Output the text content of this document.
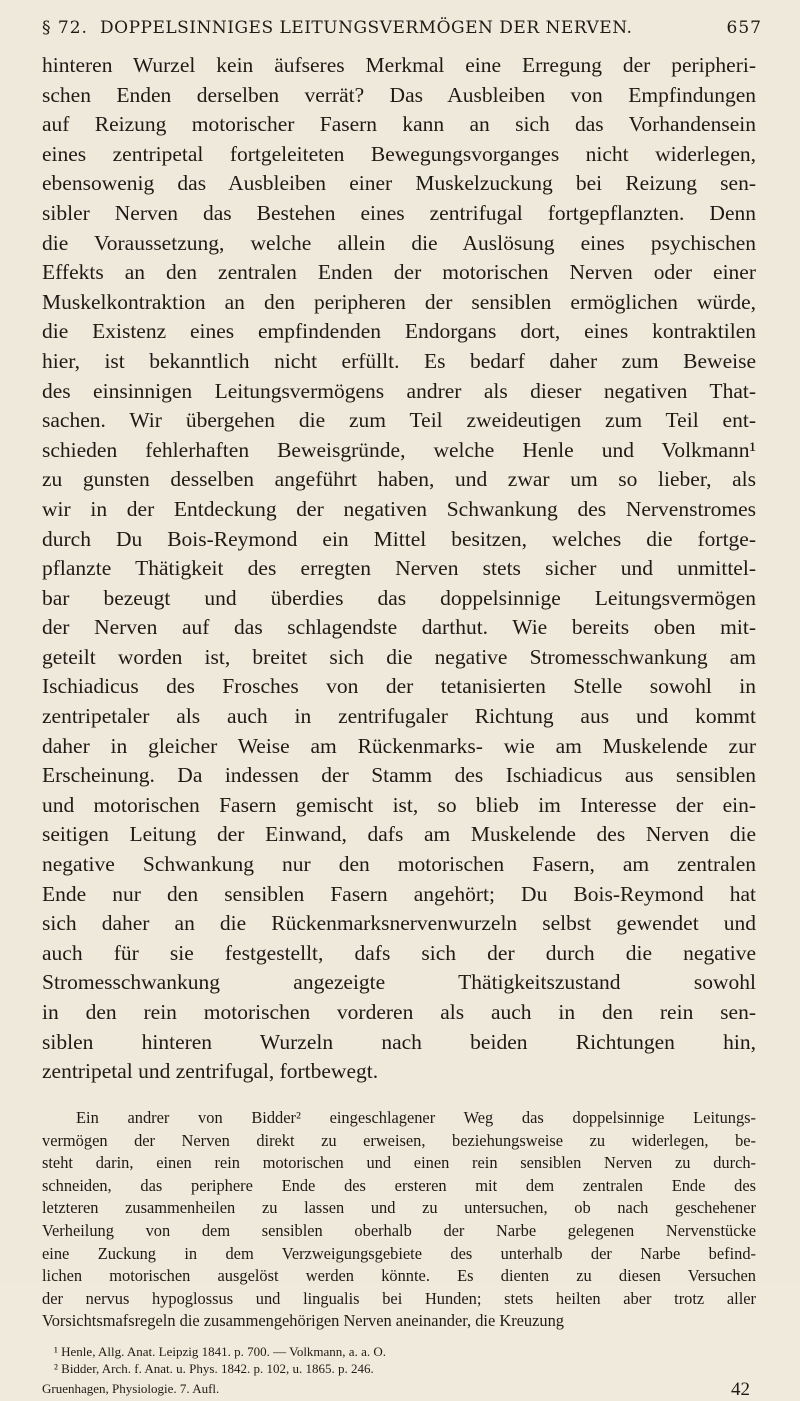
§ 72. DOPPELSINNIGES LEITUNGSVERMÖGEN DER NERVEN.	657
hinteren Wurzel kein äufseres Merkmal eine Erregung der peripheri-
schen Enden derselben verrät? Das Ausbleiben von Empfindungen
auf Reizung motorischer Fasern kann an sich das Vorhandensein
eines zentripetal fortgeleiteten Bewegungsvorganges nicht widerlegen,
ebensowenig das Ausbleiben einer Muskelzuckung bei Reizung sen-
sibler Nerven das Bestehen eines zentrifugal fortgepflanzten. Denn
die Voraussetzung, welche allein die Auslösung eines psychischen
Effekts an den zentralen Enden der motorischen Nerven oder einer
Muskelkontraktion an den peripheren der sensiblen ermöglichen würde,
die Existenz eines empfindenden Endorgans dort, eines kontraktilen
hier, ist bekanntlich nicht erfüllt. Es bedarf daher zum Beweise
des einsinnigen Leitungsvermögens andrer als dieser negativen That-
sachen. Wir übergehen die zum Teil zweideutigen zum Teil ent-
schieden fehlerhaften Beweisgründe, welche Henle und Volkmann¹
zu gunsten desselben angeführt haben, und zwar um so lieber, als
wir in der Entdeckung der negativen Schwankung des Nervenstromes
durch Du Bois-Reymond ein Mittel besitzen, welches die fortge-
pflanzte Thätigkeit des erregten Nerven stets sicher und unmittel-
bar bezeugt und überdies das doppelsinnige Leitungsvermögen
der Nerven auf das schlagendste darthut. Wie bereits oben mit-
geteilt worden ist, breitet sich die negative Stromesschwankung am
Ischiadicus des Frosches von der tetanisierten Stelle sowohl in
zentripetaler als auch in zentrifugaler Richtung aus und kommt
daher in gleicher Weise am Rückenmarks- wie am Muskelende zur
Erscheinung. Da indessen der Stamm des Ischiadicus aus sensiblen
und motorischen Fasern gemischt ist, so blieb im Interesse der ein-
seitigen Leitung der Einwand, dafs am Muskelende des Nerven die
negative Schwankung nur den motorischen Fasern, am zentralen
Ende nur den sensiblen Fasern angehört; Du Bois-Reymond hat
sich daher an die Rückenmarksnervenwurzeln selbst gewendet und
auch für sie festgestellt, dafs sich der durch die negative
Stromesschwankung angezeigte Thätigkeitszustand sowohl
in den rein motorischen vorderen als auch in den rein sen-
siblen hinteren Wurzeln nach beiden Richtungen hin,
zentripetal und zentrifugal, fortbewegt.
Ein andrer von Bidder² eingeschlagener Weg das doppelsinnige Leitungs-
vermögen der Nerven direkt zu erweisen, beziehungsweise zu widerlegen, be-
steht darin, einen rein motorischen und einen rein sensiblen Nerven zu durch-
schneiden, das periphere Ende des ersteren mit dem zentralen Ende des
letzteren zusammenheilen zu lassen und zu untersuchen, ob nach geschehener
Verheilung von dem sensiblen oberhalb der Narbe gelegenen Nervenstücke
eine Zuckung in dem Verzweigungsgebiete des unterhalb der Narbe befind-
lichen motorischen ausgelöst werden könnte. Es dienten zu diesen Versuchen
der nervus hypoglossus und lingualis bei Hunden; stets heilten aber trotz aller
Vorsichtsmafsregeln die zusammengehörigen Nerven aneinander, die Kreuzung
¹ Henle, Allg. Anat. Leipzig 1841. p. 700. — Volkmann, a. a. O.
² Bidder, Arch. f. Anat. u. Phys. 1842. p. 102, u. 1865. p. 246.
Gruenhagen, Physiologie. 7. Aufl.	42
